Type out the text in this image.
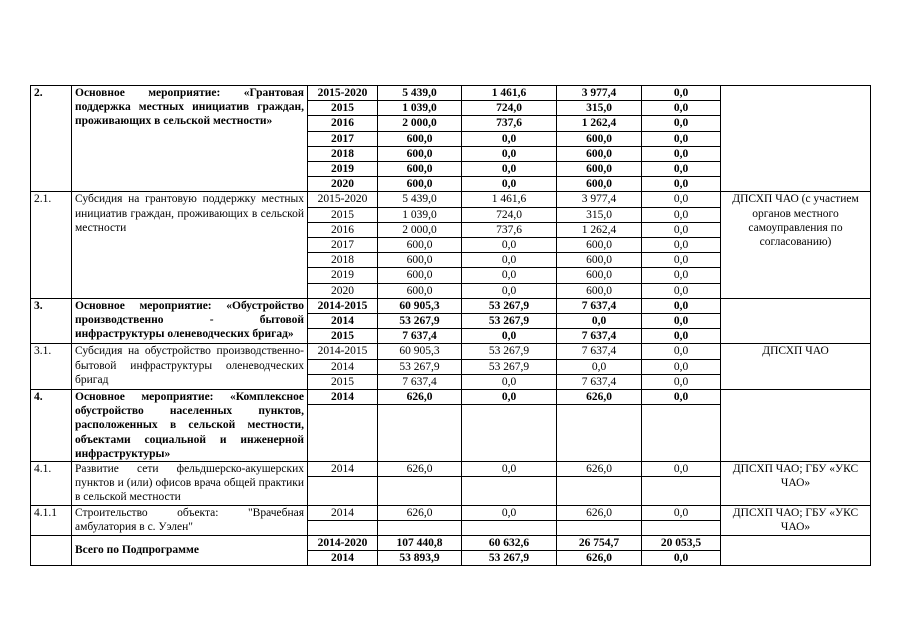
2.	Основное мероприятие: «Грантовая поддержка местных инициатив граждан, проживающих в сельской местности»	2015-2020	5 439,0	1 461,6	3 977,4	0,0	
		2015	1 039,0	724,0	315,0	0,0	
		2016	2 000,0	737,6	1 262,4	0,0	
		2017	600,0	0,0	600,0	0,0	
		2018	600,0	0,0	600,0	0,0	
		2019	600,0	0,0	600,0	0,0	
		2020	600,0	0,0	600,0	0,0	
2.1.	Субсидия на грантовую поддержку местных инициатив граждан, проживающих в сельской местности	2015-2020	5 439,0	1 461,6	3 977,4	0,0	ДПСХП ЧАО (с участием органов местного самоуправления по согласованию)
		2015	1 039,0	724,0	315,0	0,0	
		2016	2 000,0	737,6	1 262,4	0,0	
		2017	600,0	0,0	600,0	0,0	
		2018	600,0	0,0	600,0	0,0	
		2019	600,0	0,0	600,0	0,0	
		2020	600,0	0,0	600,0	0,0	
3.	Основное мероприятие: «Обустройство производственно - бытовой инфраструктуры оленеводческих бригад»	2014-2015	60 905,3	53 267,9	7 637,4	0,0	
		2014	53 267,9	53 267,9	0,0	0,0	
		2015	7 637,4	0,0	7 637,4	0,0	
3.1.	Субсидия на обустройство производственно-бытовой инфраструктуры оленеводческих бригад	2014-2015	60 905,3	53 267,9	7 637,4	0,0	ДПСХП ЧАО
		2014	53 267,9	53 267,9	0,0	0,0	
		2015	7 637,4	0,0	7 637,4	0,0	
4.	Основное мероприятие: «Комплексное обустройство населенных пунктов, расположенных в сельской местности, объектами социальной и инженерной инфраструктуры»	2014	626,0	0,0	626,0	0,0	

4.1.	Развитие сети фельдшерско-акушерских пунктов и (или) офисов врача общей практики в сельской местности	2014	626,0	0,0	626,0	0,0	ДПСХП ЧАО; ГБУ «УКС ЧАО»

4.1.1	Строительство объекта: "Врачебная амбулатория в с. Уэлен"	2014	626,0	0,0	626,0	0,0	ДПСХП ЧАО; ГБУ «УКС ЧАО»

	Всего по Подпрограмме	2014-2020	107 440,8	60 632,6	26 754,7	20 053,5	
		2014	53 893,9	53 267,9	626,0	0,0	
